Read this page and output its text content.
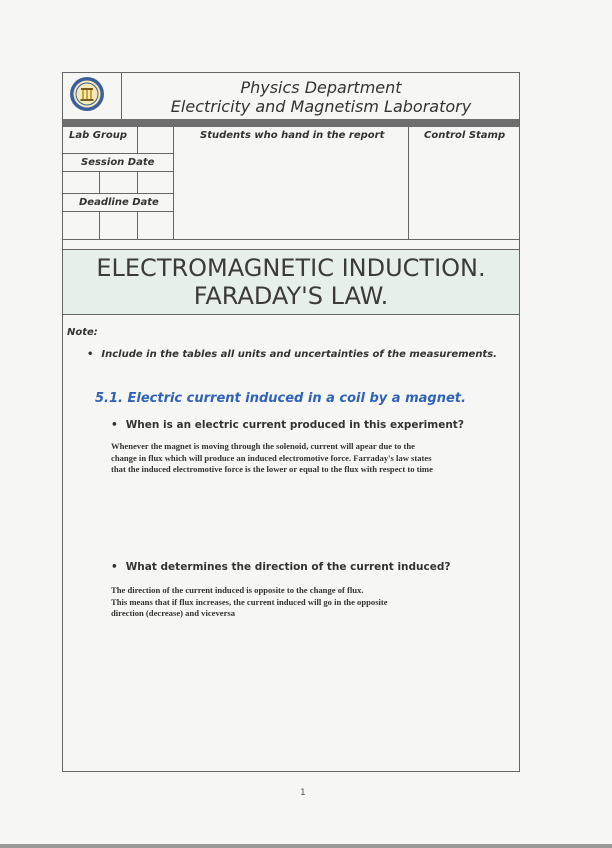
Physics Department
Electricity and Magnetism Laboratory
Lab Group	Students who hand in the report	Control Stamp
Session Date
Deadline Date
ELECTROMAGNETIC INDUCTION.
FARADAY'S LAW.
Note:
• Include in the tables all units and uncertainties of the measurements.
5.1. Electric current induced in a coil by a magnet.
• When is an electric current produced in this experiment?
Whenever the magnet is moving through the solenoid, current will apear due to the change in flux which will produce an induced electromotive force. Farraday's law states that the induced electromotive force is the lower or equal to the flux with respect to time
• What determines the direction of the current induced?
The direction of the current induced is opposite to the change of flux.
This means that if flux increases, the current induced will go in the opposite
direction (decrease) and viceversa
1
